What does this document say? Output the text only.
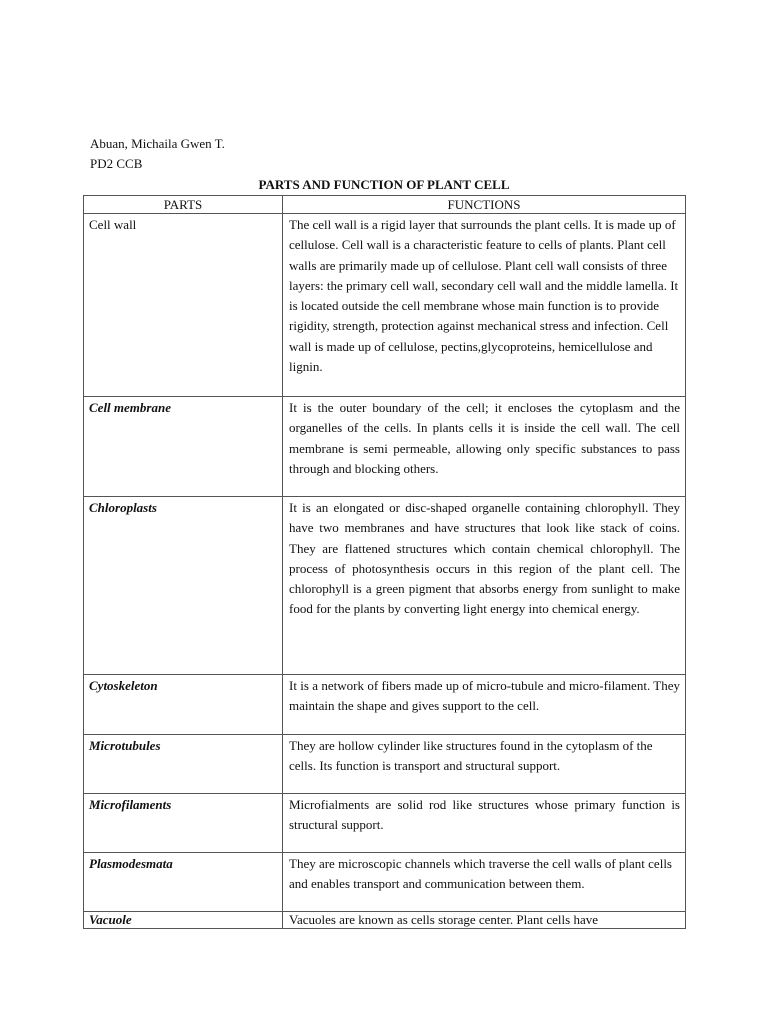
Abuan, Michaila Gwen T.
PD2 CCB
PARTS AND FUNCTION OF PLANT CELL
PARTS	FUNCTIONS
Cell wall	The cell wall is a rigid layer that surrounds the plant cells. It is made up of cellulose. Cell wall is a characteristic feature to cells of plants. Plant cell walls are primarily made up of cellulose. Plant cell wall consists of three layers: the primary cell wall, secondary cell wall and the middle lamella. It is located outside the cell membrane whose main function is to provide rigidity, strength, protection against mechanical stress and infection. Cell wall is made up of cellulose, pectins,glycoproteins, hemicellulose and lignin.
Cell membrane	It is the outer boundary of the cell; it encloses the cytoplasm and the organelles of the cells. In plants cells it is inside the cell wall. The cell membrane is semi permeable, allowing only specific substances to pass through and blocking others.
Chloroplasts	It is an elongated or disc-shaped organelle containing chlorophyll. They have two membranes and have structures that look like stack of coins. They are flattened structures which contain chemical chlorophyll. The process of photosynthesis occurs in this region of the plant cell. The chlorophyll is a green pigment that absorbs energy from sunlight to make food for the plants by converting light energy into chemical energy.
Cytoskeleton	It is a network of fibers made up of micro-tubule and micro-filament. They maintain the shape and gives support to the cell.
Microtubules	They are hollow cylinder like structures found in the cytoplasm of the cells. Its function is transport and structural support.
Microfilaments	Microfialments are solid rod like structures whose primary function is structural support.
Plasmodesmata	They are microscopic channels which traverse the cell walls of plant cells and enables transport and communication between them.
Vacuole	Vacuoles are known as cells storage center. Plant cells have
